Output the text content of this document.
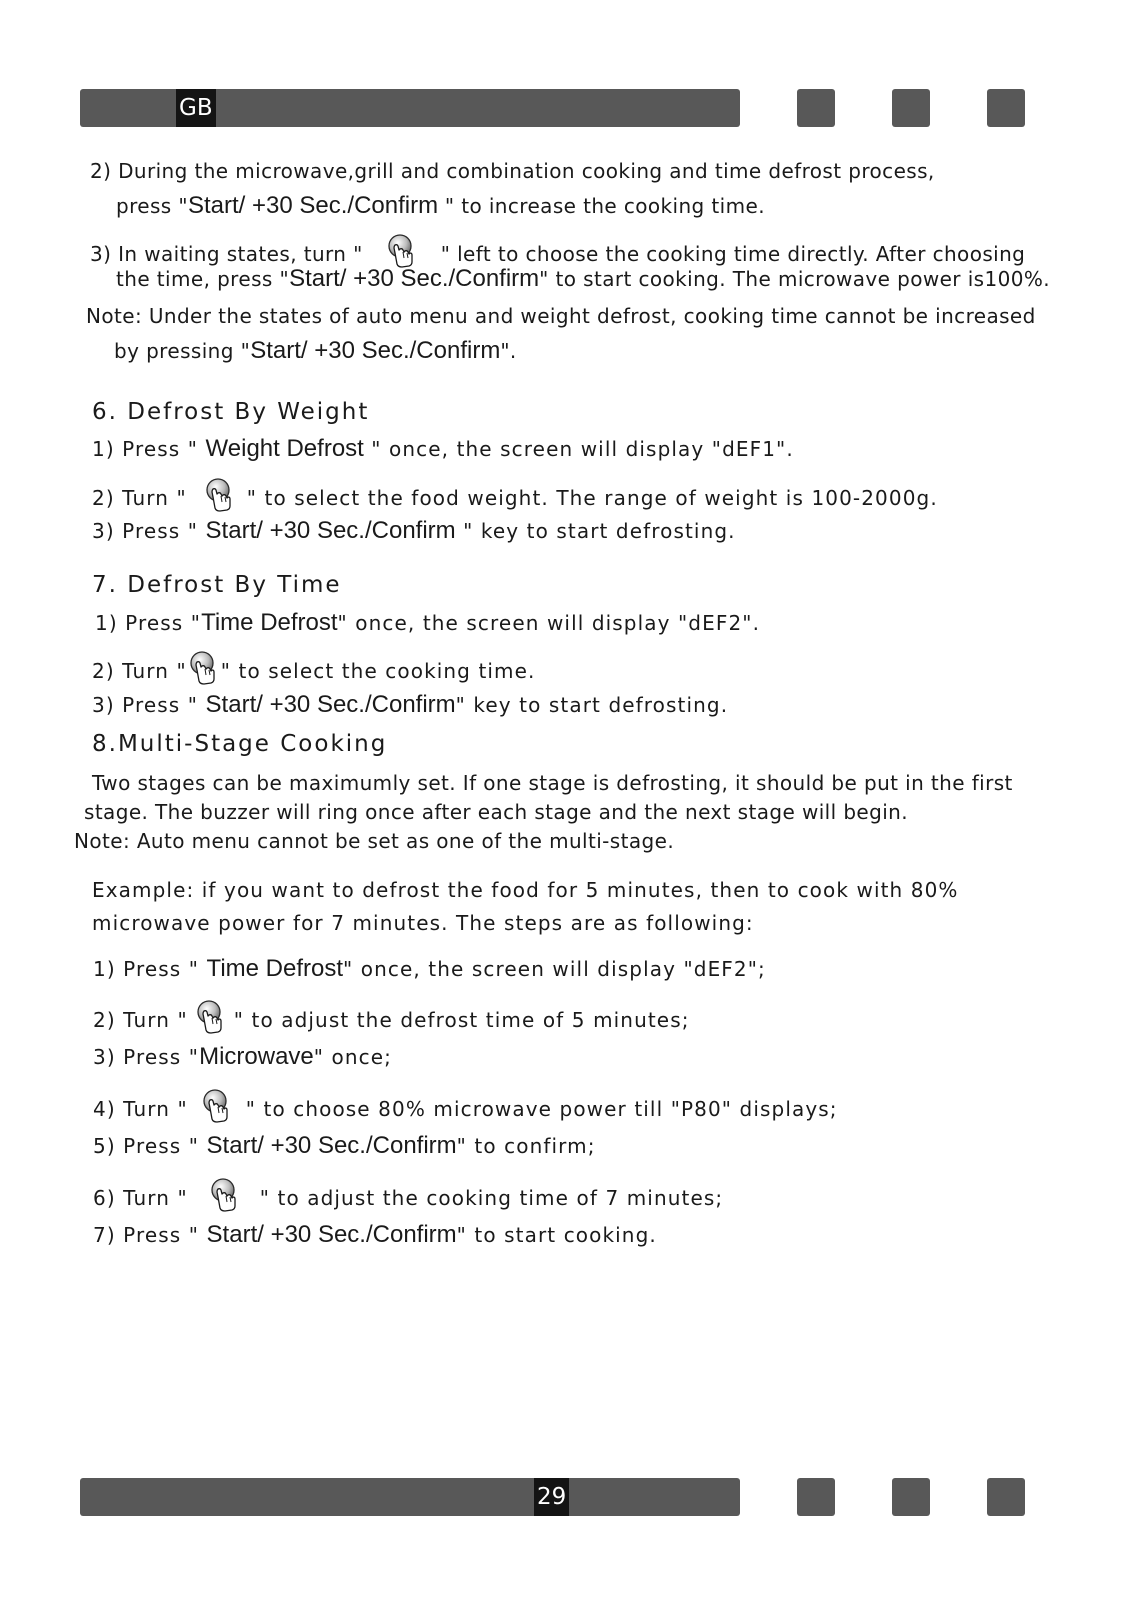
GB
2) During the microwave,grill and combination cooking and time defrost process,
press "Start/ +30 Sec./Confirm " to increase the cooking time.
3) In waiting states, turn "	" left to choose the cooking time directly. After choosing
the time, press "Start/ +30 Sec./Confirm" to start cooking. The microwave power is100%.
Note: Under the states of auto menu and weight defrost, cooking time cannot be increased
by pressing "Start/ +30 Sec./Confirm".
6. Defrost By Weight
1) Press " Weight Defrost " once, the screen will display "dEF1".
2) Turn "	" to select the food weight. The range of weight is 100-2000g.
3) Press " Start/ +30 Sec./Confirm " key to start defrosting.
7. Defrost By Time
1) Press "Time Defrost" once, the screen will display "dEF2".
2) Turn " " to select the cooking time.
3) Press " Start/ +30 Sec./Confirm" key to start defrosting.
8.Multi-Stage Cooking
Two stages can be maximumly set. If one stage is defrosting, it should be put in the first
stage. The buzzer will ring once after each stage and the next stage will begin.
Note: Auto menu cannot be set as one of the multi-stage.
Example: if you want to defrost the food for 5 minutes, then to cook with 80%
microwave power for 7 minutes. The steps are as following:
1) Press " Time Defrost" once, the screen will display "dEF2";
2) Turn " " to adjust the defrost time of 5 minutes;
3) Press "Microwave" once;
4) Turn "	" to choose 80% microwave power till "P80" displays;
5) Press " Start/ +30 Sec./Confirm" to confirm;
6) Turn "	" to adjust the cooking time of 7 minutes;
7) Press " Start/ +30 Sec./Confirm" to start cooking.
29
